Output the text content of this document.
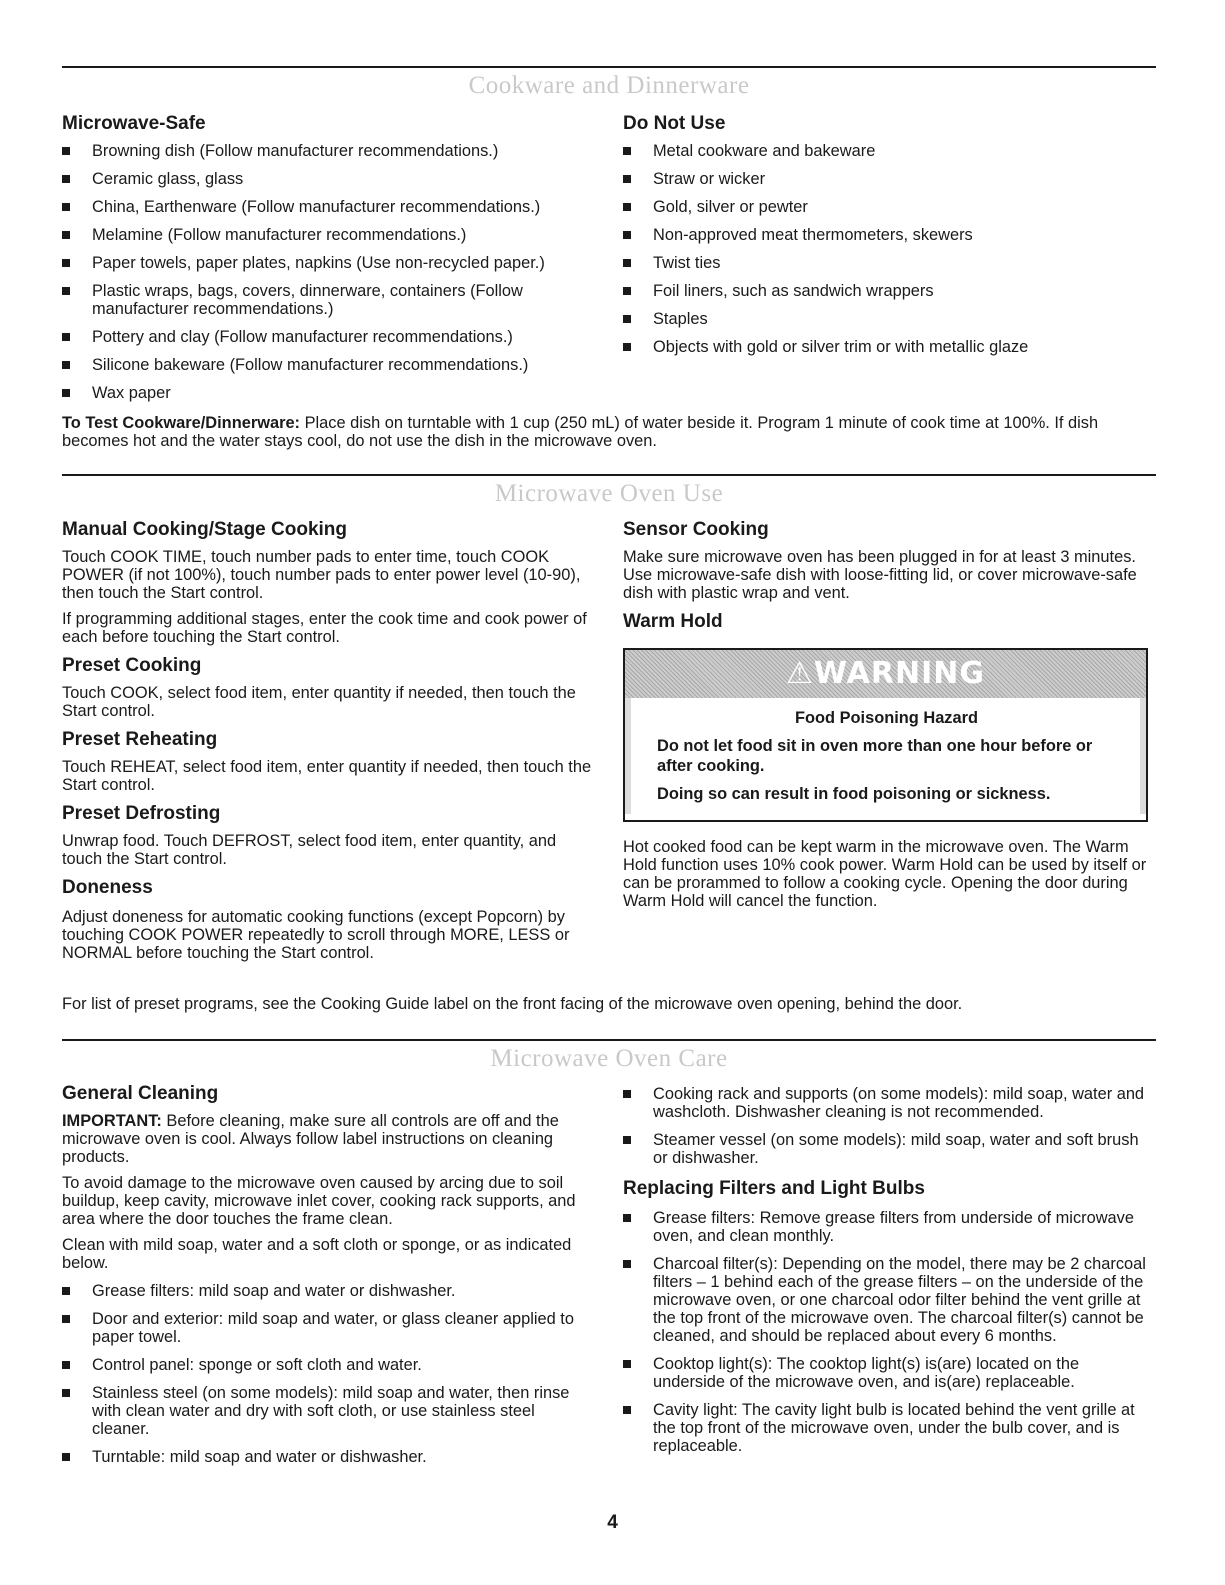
Cookware and Dinnerware
Microwave-Safe
Browning dish (Follow manufacturer recommendations.)
Ceramic glass, glass
China, Earthenware (Follow manufacturer recommendations.)
Melamine (Follow manufacturer recommendations.)
Paper towels, paper plates, napkins (Use non-recycled paper.)
Plastic wraps, bags, covers, dinnerware, containers (Follow manufacturer recommendations.)
Pottery and clay (Follow manufacturer recommendations.)
Silicone bakeware (Follow manufacturer recommendations.)
Wax paper
Do Not Use
Metal cookware and bakeware
Straw or wicker
Gold, silver or pewter
Non-approved meat thermometers, skewers
Twist ties
Foil liners, such as sandwich wrappers
Staples
Objects with gold or silver trim or with metallic glaze

To Test Cookware/Dinnerware: Place dish on turntable with 1 cup (250 mL) of water beside it. Program 1 minute of cook time at 100%. If dish becomes hot and the water stays cool, do not use the dish in the microwave oven.

Microwave Oven Use
Manual Cooking/Stage Cooking

Touch COOK TIME, touch number pads to enter time, touch COOK POWER (if not 100%), touch number pads to enter power level (10-90), then touch the Start control.

If programming additional stages, enter the cook time and cook power of each before touching the Start control.

Preset Cooking

Touch COOK, select food item, enter quantity if needed, then touch the Start control.

Preset Reheating

Touch REHEAT, select food item, enter quantity if needed, then touch the Start control.

Preset Defrosting

Unwrap food. Touch DEFROST, select food item, enter quantity, and touch the Start control.

Doneness

Adjust doneness for automatic cooking functions (except Popcorn) by touching COOK POWER repeatedly to scroll through MORE, LESS or NORMAL before touching the Start control.

Sensor Cooking

Make sure microwave oven has been plugged in for at least 3 minutes. Use microwave-safe dish with loose-fitting lid, or cover microwave-safe dish with plastic wrap and vent.

Warm Hold
⚠WARNING

Food Poisoning Hazard

Do not let food sit in oven more than one hour before or after cooking.

Doing so can result in food poisoning or sickness.

Hot cooked food can be kept warm in the microwave oven. The Warm Hold function uses 10% cook power. Warm Hold can be used by itself or can be prorammed to follow a cooking cycle. Opening the door during Warm Hold will cancel the function.

For list of preset programs, see the Cooking Guide label on the front facing of the microwave oven opening, behind the door.

Microwave Oven Care
General Cleaning

IMPORTANT: Before cleaning, make sure all controls are off and the microwave oven is cool. Always follow label instructions on cleaning products.

To avoid damage to the microwave oven caused by arcing due to soil buildup, keep cavity, microwave inlet cover, cooking rack supports, and area where the door touches the frame clean.

Clean with mild soap, water and a soft cloth or sponge, or as indicated below.

Grease filters: mild soap and water or dishwasher.
Door and exterior: mild soap and water, or glass cleaner applied to paper towel.
Control panel: sponge or soft cloth and water.
Stainless steel (on some models): mild soap and water, then rinse with clean water and dry with soft cloth, or use stainless steel cleaner.
Turntable: mild soap and water or dishwasher.
Cooking rack and supports (on some models): mild soap, water and washcloth. Dishwasher cleaning is not recommended.
Steamer vessel (on some models): mild soap, water and soft brush or dishwasher.
Replacing Filters and Light Bulbs
Grease filters: Remove grease filters from underside of microwave oven, and clean monthly.
Charcoal filter(s): Depending on the model, there may be 2 charcoal filters – 1 behind each of the grease filters – on the underside of the microwave oven, or one charcoal odor filter behind the vent grille at the top front of the microwave oven. The charcoal filter(s) cannot be cleaned, and should be replaced about every 6 months.
Cooktop light(s): The cooktop light(s) is(are) located on the underside of the microwave oven, and is(are) replaceable.
Cavity light: The cavity light bulb is located behind the vent grille at the top front of the microwave oven, under the bulb cover, and is replaceable.
4
